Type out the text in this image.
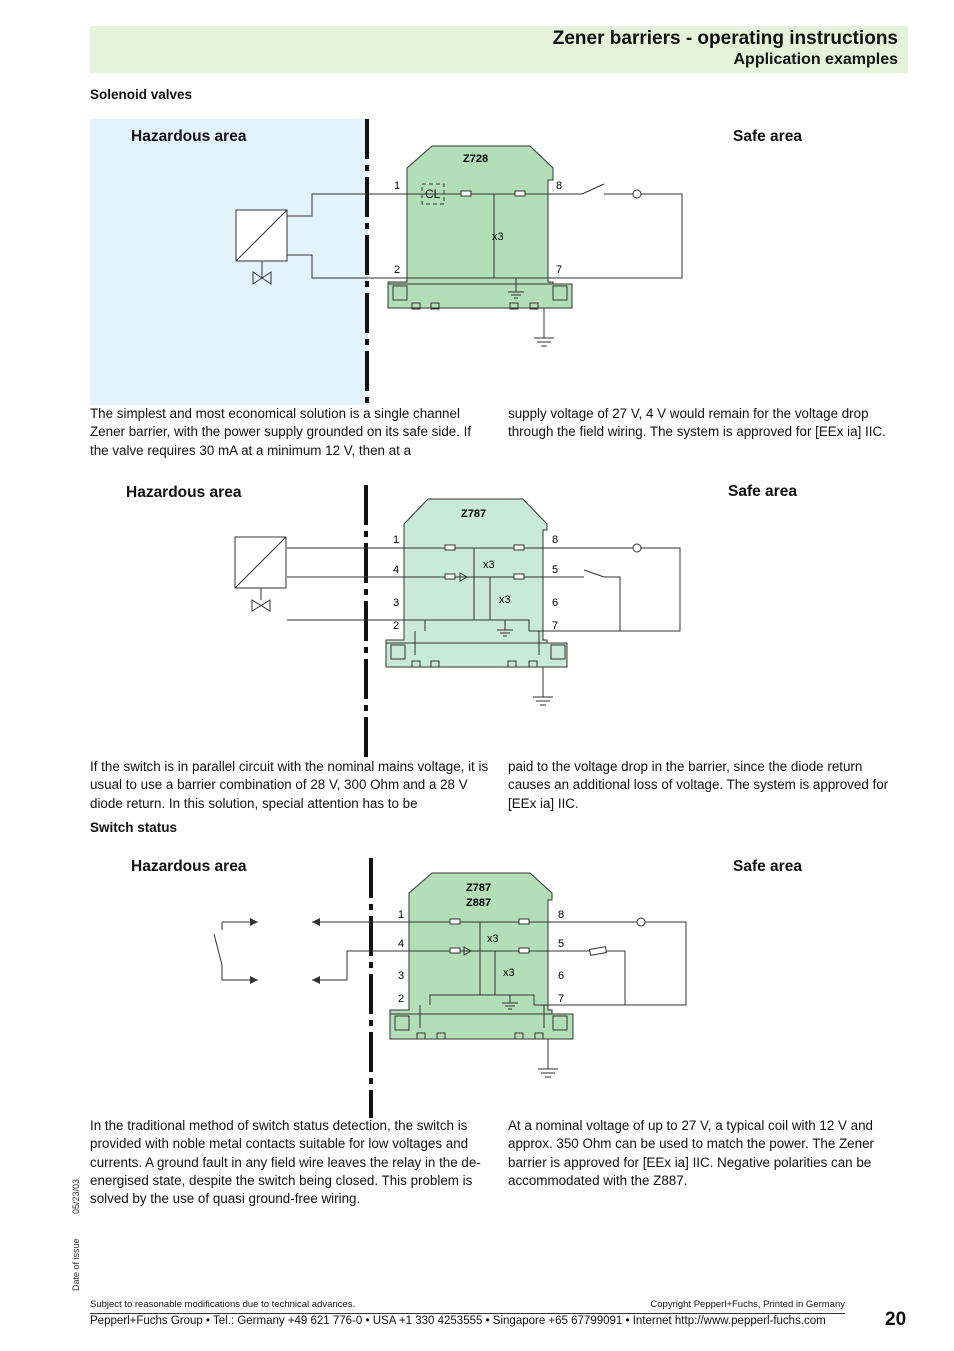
Zener barriers - operating instructions
Application examples
Solenoid valves
Hazardous area	Safe area
Z728
CL
x3
1
2
8
7
Z787
x3
x3
1
4
3
2
8
5
6
7
Z787
Z887
x3
x3
1
4
3
2
8
5
6
7
The simplest and most economical solution is a single channel Zener barrier, with the power supply grounded on its safe side. If the valve requires 30 mA at a minimum 12 V, then at a
supply voltage of 27 V, 4 V would remain for the voltage drop through the field wiring. The system is approved for [EEx ia] IIC.
Hazardous area	Safe area
If the switch is in parallel circuit with the nominal mains voltage, it is usual to use a barrier combination of 28 V, 300 Ohm and a 28 V diode return. In this solution, special attention has to be
paid to the voltage drop in the barrier, since the diode return causes an additional loss of voltage. The system is approved for [EEx ia] IIC.
Switch status
Hazardous area	Safe area
In the traditional method of switch status detection, the switch is provided with noble metal contacts suitable for low voltages and currents. A ground fault in any field wire leaves the relay in the de-energised state, despite the switch being closed. This problem is solved by the use of quasi ground-free wiring.
At a nominal voltage of up to 27 V, a typical coil with 12 V and approx. 350 Ohm can be used to match the power. The Zener barrier is approved for [EEx ia] IIC. Negative polarities can be accommodated with the Z887.
05/23/03
Date of issue
Subject to reasonable modifications due to technical advances.	Copyright Pepperl+Fuchs, Printed in Germany
Pepperl+Fuchs Group • Tel.: Germany +49 621 776-0 • USA +1 330 4253555 • Singapore +65 67799091 • Internet http://www.pepperl-fuchs.com	20
